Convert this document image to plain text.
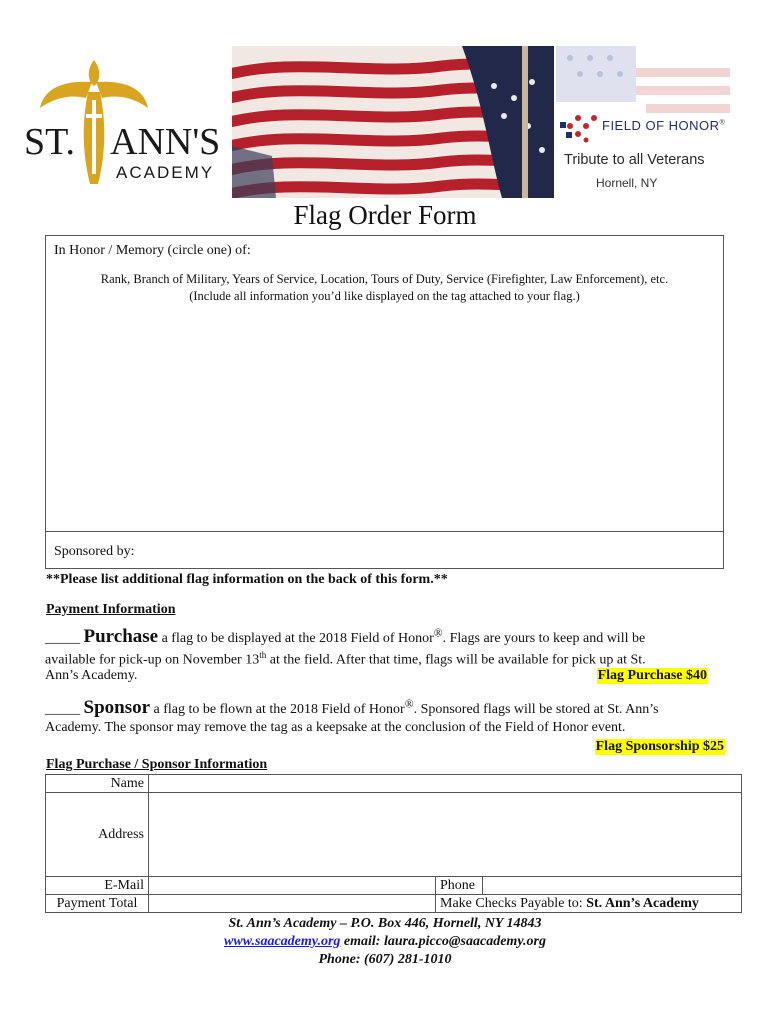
ST. ANN'S
ACADEMY
FIELD OF HONOR®
Tribute to all Veterans
Hornell, NY
Flag Order Form
In Honor / Memory (circle one) of:
Rank, Branch of Military, Years of Service, Location, Tours of Duty, Service (Firefighter, Law Enforcement), etc.
(Include all information you’d like displayed on the tag attached to your flag.)
Sponsored by:
**Please list additional flag information on the back of this form.**
Payment Information
_____ Purchase a flag to be displayed at the 2018 Field of Honor®. Flags are yours to keep and will be
available for pick-up on November 13th at the field. After that time, flags will be available for pick up at St.
Ann’s Academy.	Flag Purchase $40
_____ Sponsor a flag to be flown at the 2018 Field of Honor®. Sponsored flags will be stored at St. Ann’s
Academy. The sponsor may remove the tag as a keepsake at the conclusion of the Field of Honor event.
Flag Sponsorship $25
Flag Purchase / Sponsor Information
Name			
Address			
E-Mail		Phone	
Payment Total		Make Checks Payable to: St. Ann’s Academy	
St. Ann’s Academy – P.O. Box 446, Hornell, NY 14843
www.saacademy.org email: laura.picco@saacademy.org
Phone: (607) 281-1010
